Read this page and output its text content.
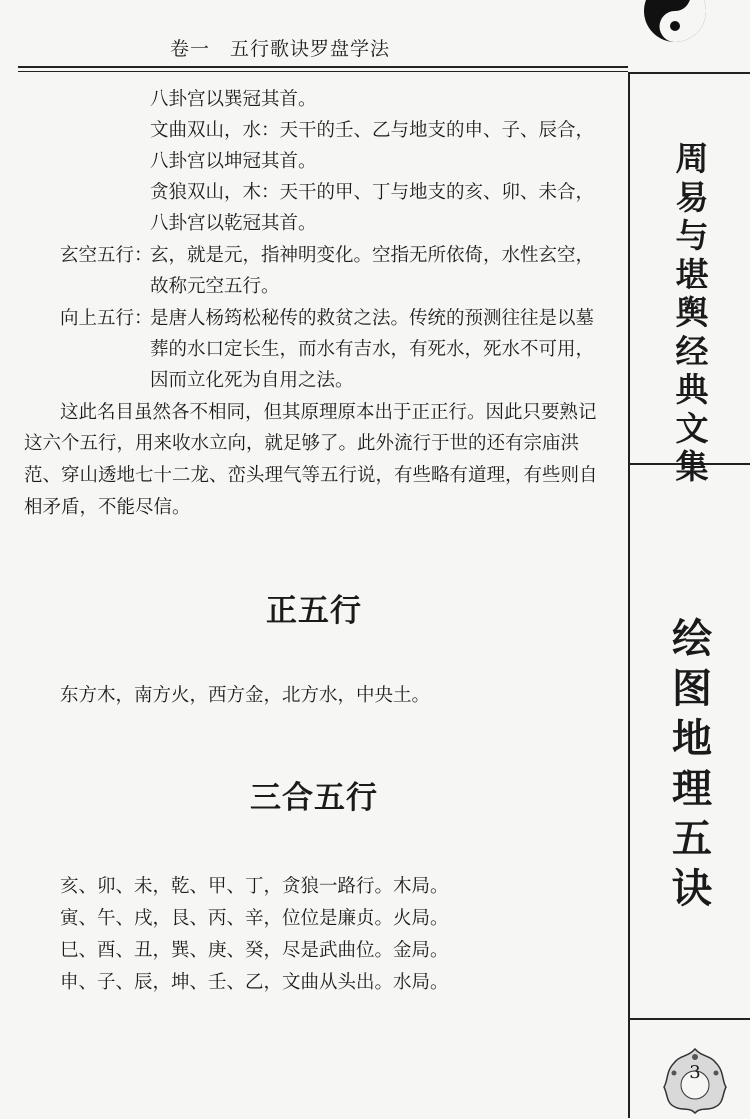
卷一　五行歌诀罗盘学法
周
易
与
堪
舆
经
典
文
集
绘
图
地
理
五
诀
3
八卦宫以巽冠其首。
文曲双山，水：天干的壬、乙与地支的申、子、辰合，
八卦宫以坤冠其首。
贪狼双山，木：天干的甲、丁与地支的亥、卯、未合，
八卦宫以乾冠其首。
玄空五行：
玄，就是元，指神明变化。空指无所依倚，水性玄空，
故称元空五行。
向上五行：
是唐人杨筠松秘传的救贫之法。传统的预测往往是以墓
葬的水口定长生，而水有吉水，有死水，死水不可用，
因而立化死为自用之法。
这此名目虽然各不相同，但其原理原本出于正正行。因此只要熟记
这六个五行，用来收水立向，就足够了。此外流行于世的还有宗庙洪
范、穿山透地七十二龙、峦头理气等五行说，有些略有道理，有些则自
相矛盾，不能尽信。
正五行
东方木，南方火，西方金，北方水，中央土。
三合五行
亥、卯、未，乾、甲、丁，贪狼一路行。木局。
寅、午、戌，艮、丙、辛，位位是廉贞。火局。
巳、酉、丑，巽、庚、癸，尽是武曲位。金局。
申、子、辰，坤、壬、乙，文曲从头出。水局。
